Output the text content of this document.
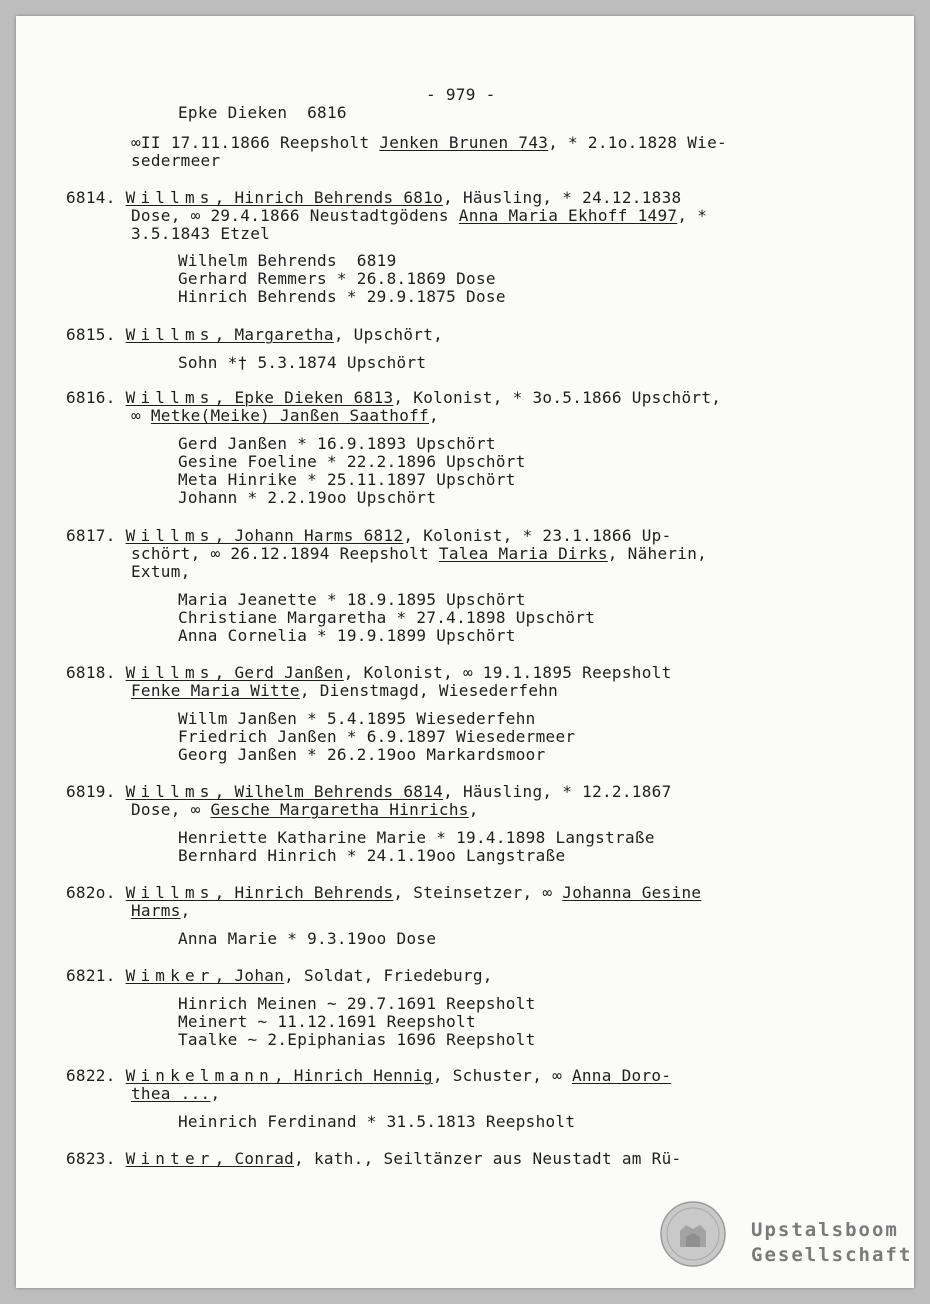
- 979 -
Epke Dieken  6816
∞II 17.11.1866 Reepsholt Jenken Brunen 743, * 2.1o.1828 Wie-
sedermeer
6814. Willms, Hinrich Behrends 681o, Häusling, * 24.12.1838
Dose, ∞ 29.4.1866 Neustadtgödens Anna Maria Ekhoff 1497, *
3.5.1843 Etzel
Wilhelm Behrends  6819
Gerhard Remmers * 26.8.1869 Dose
Hinrich Behrends * 29.9.1875 Dose
6815. Willms, Margaretha, Upschört,
Sohn *† 5.3.1874 Upschört
6816. Willms, Epke Dieken 6813, Kolonist, * 3o.5.1866 Upschört,
∞ Metke(Meike) Janßen Saathoff,
Gerd Janßen * 16.9.1893 Upschört
Gesine Foeline * 22.2.1896 Upschört
Meta Hinrike * 25.11.1897 Upschört
Johann * 2.2.19oo Upschört
6817. Willms, Johann Harms 6812, Kolonist, * 23.1.1866 Up-
schört, ∞ 26.12.1894 Reepsholt Talea Maria Dirks, Näherin,
Extum,
Maria Jeanette * 18.9.1895 Upschört
Christiane Margaretha * 27.4.1898 Upschört
Anna Cornelia * 19.9.1899 Upschört
6818. Willms, Gerd Janßen, Kolonist, ∞ 19.1.1895 Reepsholt
Fenke Maria Witte, Dienstmagd, Wiesederfehn
Willm Janßen * 5.4.1895 Wiesederfehn
Friedrich Janßen * 6.9.1897 Wiesedermeer
Georg Janßen * 26.2.19oo Markardsmoor
6819. Willms, Wilhelm Behrends 6814, Häusling, * 12.2.1867
Dose, ∞ Gesche Margaretha Hinrichs,
Henriette Katharine Marie * 19.4.1898 Langstraße
Bernhard Hinrich * 24.1.19oo Langstraße
682o. Willms, Hinrich Behrends, Steinsetzer, ∞ Johanna Gesine
Harms,
Anna Marie * 9.3.19oo Dose
6821. Wimker, Johan, Soldat, Friedeburg,
Hinrich Meinen ~ 29.7.1691 Reepsholt
Meinert ~ 11.12.1691 Reepsholt
Taalke ~ 2.Epiphanias 1696 Reepsholt
6822. Winkelmann, Hinrich Hennig, Schuster, ∞ Anna Doro-
thea ...,
Heinrich Ferdinand * 31.5.1813 Reepsholt
6823. Winter, Conrad, kath., Seiltänzer aus Neustadt am Rü-
Upstalsboom
Gesellschaft
